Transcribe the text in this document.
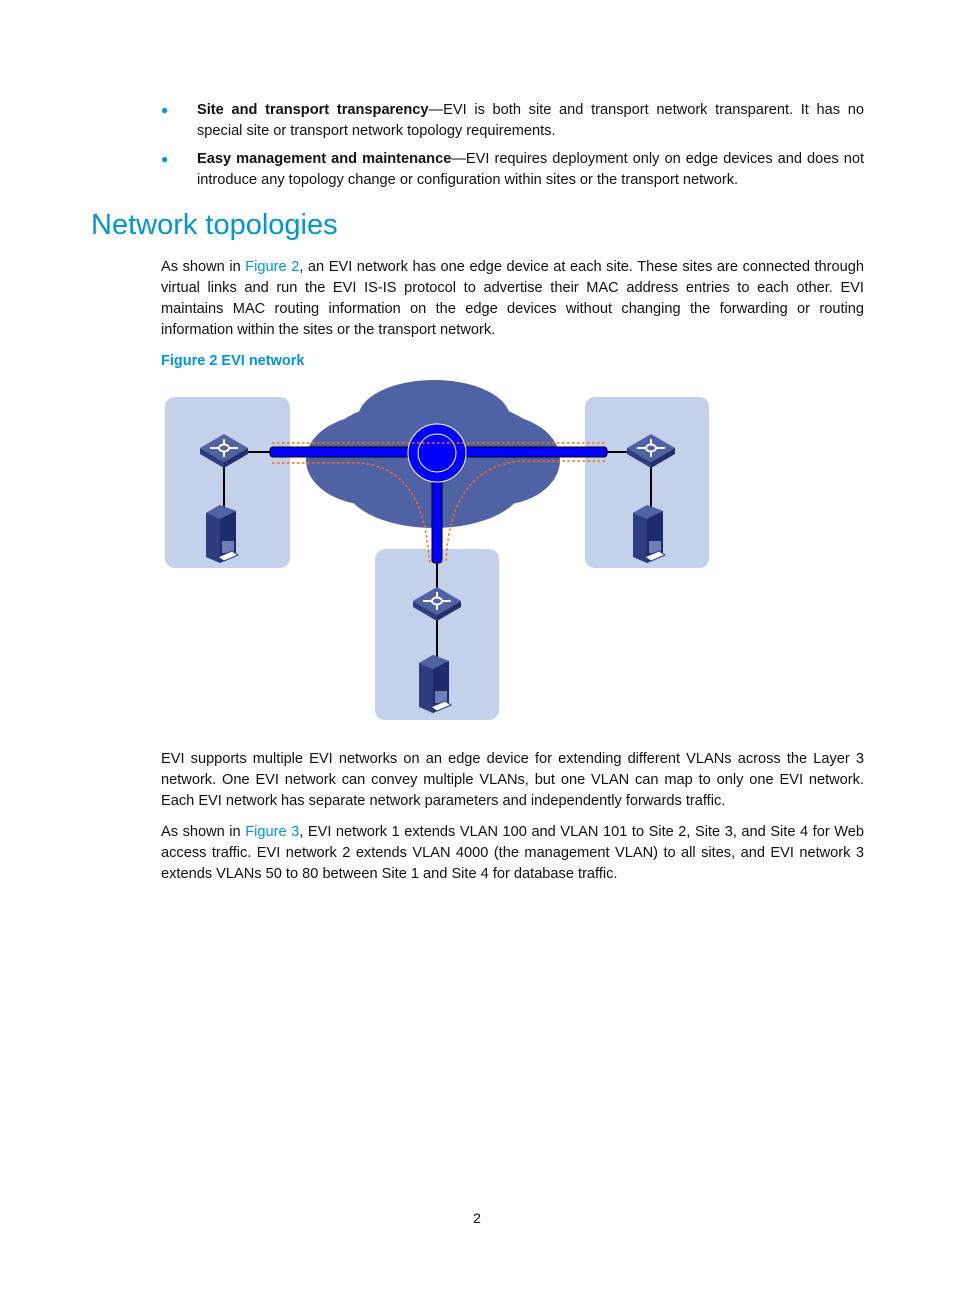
● Site and transport transparency—EVI is both site and transport network transparent. It has no special site or transport network topology requirements.

● Easy management and maintenance—EVI requires deployment only on edge devices and does not introduce any topology change or configuration within sites or the transport network.

Network topologies

As shown in Figure 2, an EVI network has one edge device at each site. These sites are connected through virtual links and run the EVI IS-IS protocol to advertise their MAC address entries to each other. EVI maintains MAC routing information on the edge devices without changing the forwarding or routing information within the sites or the transport network.

Figure 2 EVI network

EVI supports multiple EVI networks on an edge device for extending different VLANs across the Layer 3 network. One EVI network can convey multiple VLANs, but one VLAN can map to only one EVI network. Each EVI network has separate network parameters and independently forwards traffic.

As shown in Figure 3, EVI network 1 extends VLAN 100 and VLAN 101 to Site 2, Site 3, and Site 4 for Web access traffic. EVI network 2 extends VLAN 4000 (the management VLAN) to all sites, and EVI network 3 extends VLANs 50 to 80 between Site 1 and Site 4 for database traffic.

2
